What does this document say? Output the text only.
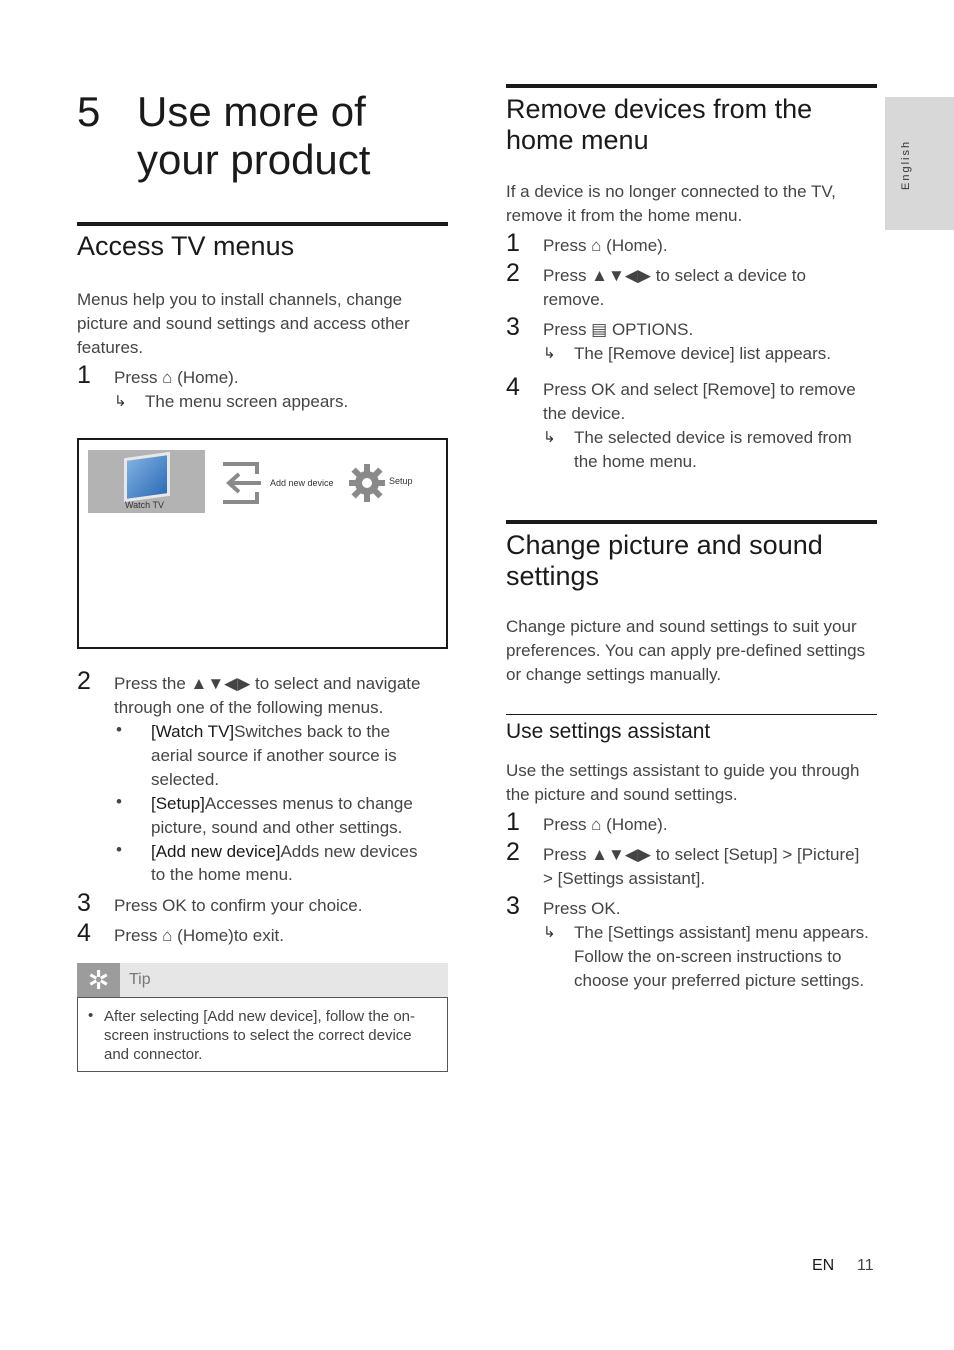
English
5 Use more of your product
Access TV menus
Menus help you to install channels, change picture and sound settings and access other features.
1 Press ⌂ (Home).
↳ The menu screen appears.
Watch TV
Add new device	Setup
2 Press the ▲▼◀▶ to select and navigate
through one of the following menus.
• [Watch TV]Switches back to the
aerial source if another source is
selected.
• [Setup]Accesses menus to change
picture, sound and other settings.
• [Add new device]Adds new devices
to the home menu.
3 Press OK to confirm your choice.
4 Press ⌂ (Home)to exit.
✲	Tip
• After selecting [Add new device], follow the on-screen instructions to select the correct device and connector.
Remove devices from the
home menu
If a device is no longer connected to the TV,
remove it from the home menu.
1 Press ⌂ (Home).
2 Press ▲▼◀▶ to select a device to
remove.
3 Press ▤ OPTIONS.
↳ The [Remove device] list appears.
4 Press OK and select [Remove] to remove
the device.
↳ The selected device is removed from
the home menu.
Change picture and sound
settings
Change picture and sound settings to suit your
preferences. You can apply pre-defined settings
or change settings manually.
Use settings assistant
Use the settings assistant to guide you through
the picture and sound settings.
1 Press ⌂ (Home).
2 Press ▲▼◀▶ to select [Setup] > [Picture]
> [Settings assistant].
3 Press OK.
↳ The [Settings assistant] menu appears.
Follow the on-screen instructions to
choose your preferred picture settings.
EN 11
